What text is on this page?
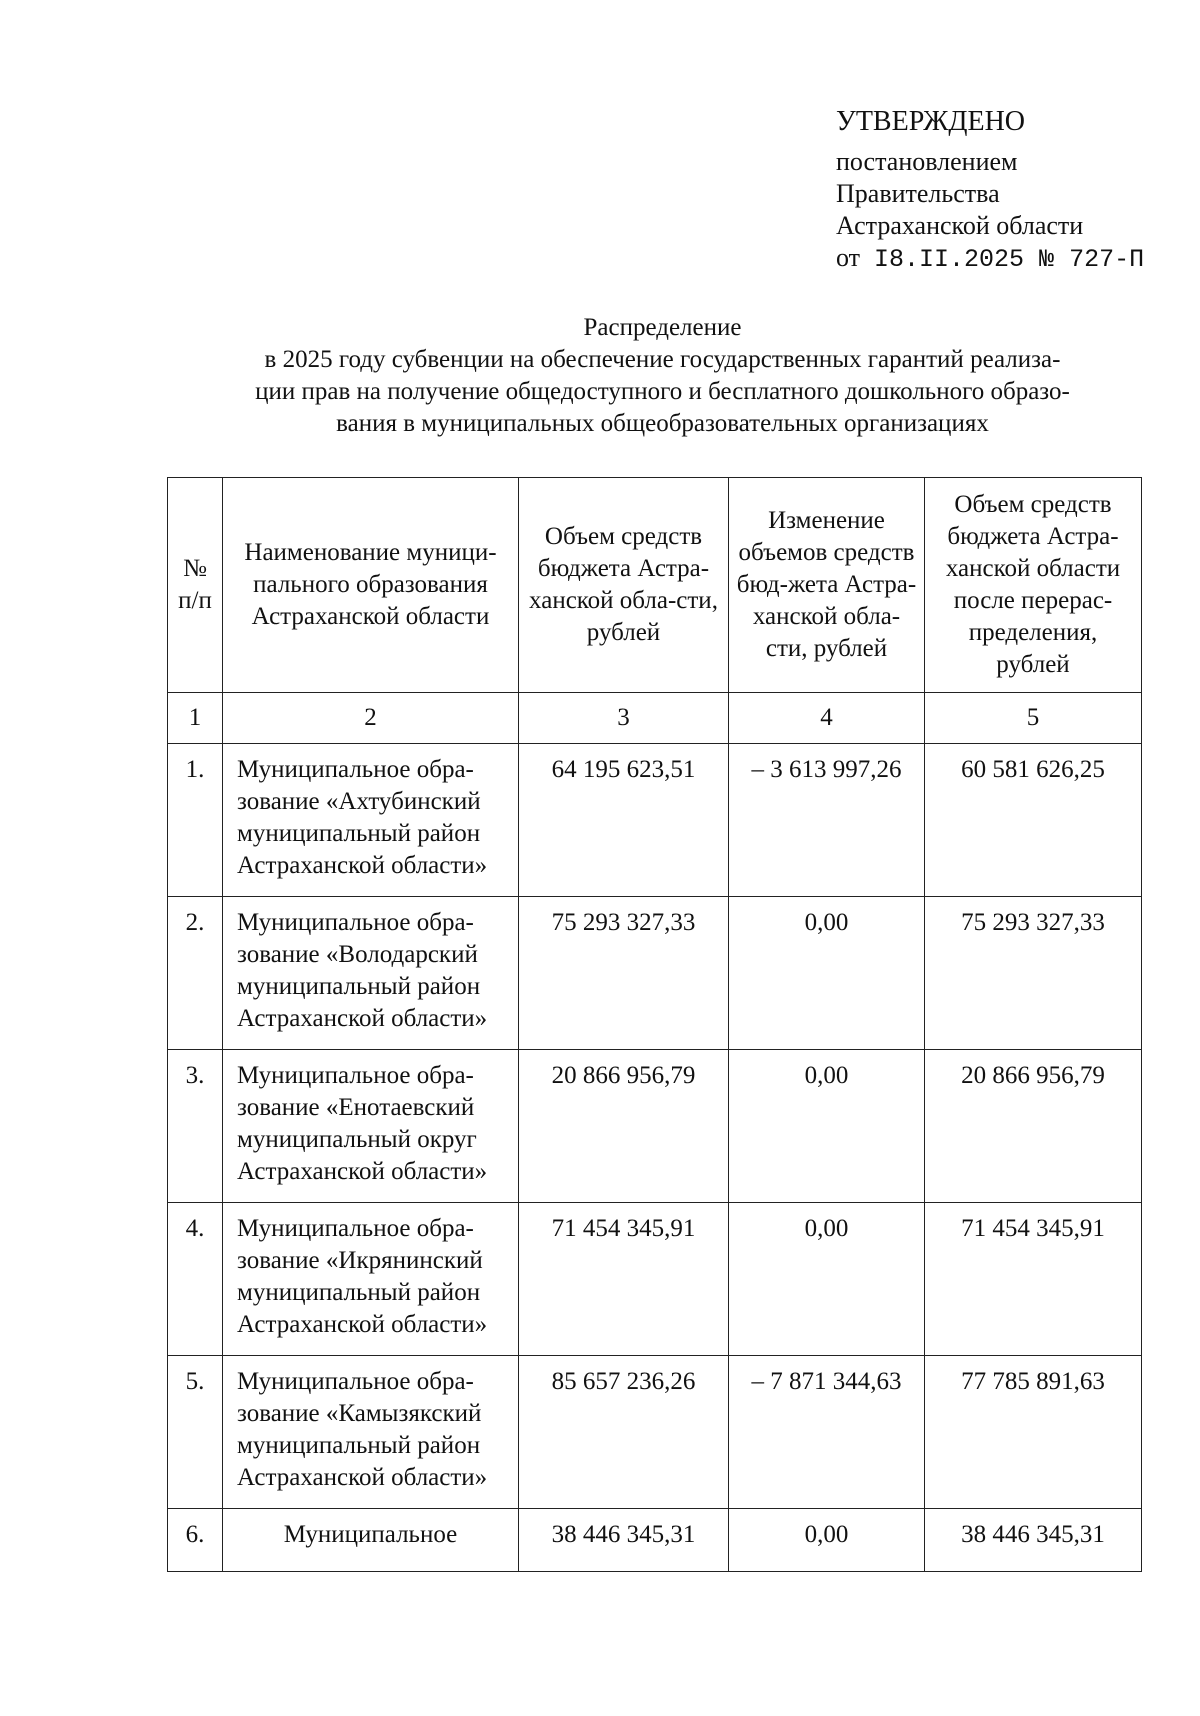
УТВЕРЖДЕНО
постановлением
Правительства
Астраханской области
от I8.II.2025 № 727-П
Распределение
в 2025 году субвенции на обеспечение государственных гарантий реализа-
ции прав на получение общедоступного и бесплатного дошкольного образо-
вания в муниципальных общеобразовательных организациях
№ п/п	Наименование муници-пального образования Астраханской области	Объем средств бюджета Астра-ханской обла-сти, рублей	Изменение объемов средств бюд-жета Астра-ханской обла-сти, рублей	Объем средств бюджета Астра-ханской области после перерас-пределения, рублей
1	2	3	4	5
1.	Муниципальное обра-зование «Ахтубинский муниципальный район Астраханской области»	64 195 623,51	– 3 613 997,26	60 581 626,25
2.	Муниципальное обра-зование «Володарский муниципальный район Астраханской области»	75 293 327,33	0,00	75 293 327,33
3.	Муниципальное обра-зование «Енотаевский муниципальный округ Астраханской области»	20 866 956,79	0,00	20 866 956,79
4.	Муниципальное обра-зование «Икрянинский муниципальный район Астраханской области»	71 454 345,91	0,00	71 454 345,91
5.	Муниципальное обра-зование «Камызякский муниципальный район Астраханской области»	85 657 236,26	– 7 871 344,63	77 785 891,63
6.	Муниципальное	38 446 345,31	0,00	38 446 345,31
